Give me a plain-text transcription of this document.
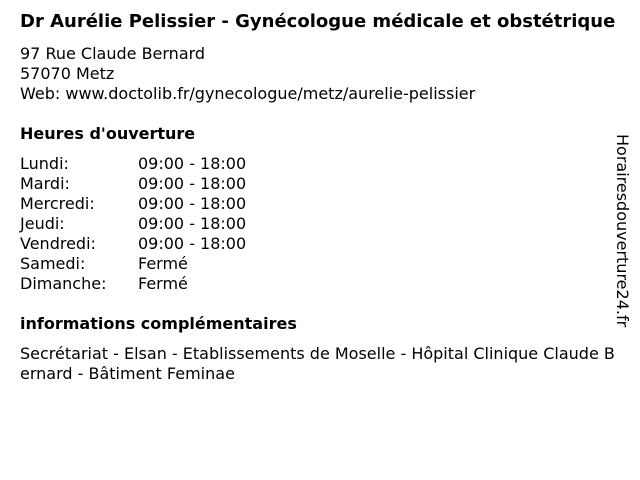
Dr Aurélie Pelissier - Gynécologue médicale et obstétrique
97 Rue Claude Bernard
57070 Metz
Web: www.doctolib.fr/gynecologue/metz/aurelie-pelissier
Heures d'ouverture
Lundi:	09:00 - 18:00
Mardi:	09:00 - 18:00
Mercredi:	09:00 - 18:00
Jeudi:	09:00 - 18:00
Vendredi:	09:00 - 18:00
Samedi:	Fermé
Dimanche:	Fermé
informations complémentaires
Secrétariat - Elsan - Etablissements de Moselle - Hôpital Clinique Claude Bernard - Bâtiment Feminae
Horairesdouverture24.fr
